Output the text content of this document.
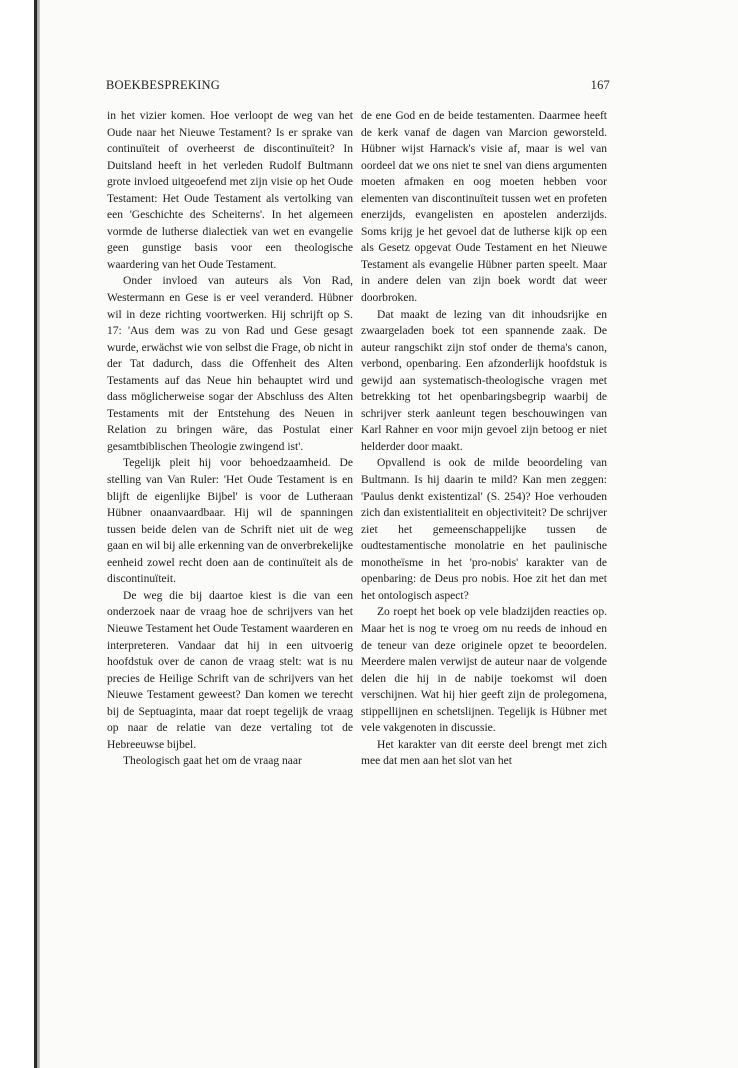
BOEKBESPREKING	167

in het vizier komen. Hoe verloopt de weg van het Oude naar het Nieuwe Testament? Is er sprake van continuïteit of overheerst de discontinuïteit? In Duitsland heeft in het verleden Rudolf Bultmann grote invloed uitgeoefend met zijn visie op het Oude Testament: Het Oude Testament als vertolking van een 'Geschichte des Scheiterns'. In het algemeen vormde de lutherse dialectiek van wet en evangelie geen gunstige basis voor een theologische waardering van het Oude Testament.

Onder invloed van auteurs als Von Rad, Westermann en Gese is er veel veranderd. Hübner wil in deze richting voortwerken. Hij schrijft op S. 17: 'Aus dem was zu von Rad und Gese gesagt wurde, erwächst wie von selbst die Frage, ob nicht in der Tat dadurch, dass die Offenheit des Alten Testaments auf das Neue hin behauptet wird und dass möglicherweise sogar der Abschluss des Alten Testaments mit der Entstehung des Neuen in Relation zu bringen wäre, das Postulat einer gesamtbiblischen Theologie zwingend ist'.

Tegelijk pleit hij voor behoedzaamheid. De stelling van Van Ruler: 'Het Oude Testament is en blijft de eigenlijke Bijbel' is voor de Lutheraan Hübner onaanvaardbaar. Hij wil de spanningen tussen beide delen van de Schrift niet uit de weg gaan en wil bij alle erkenning van de onverbrekelijke eenheid zowel recht doen aan de continuïteit als de discontinuïteit.

De weg die bij daartoe kiest is die van een onderzoek naar de vraag hoe de schrijvers van het Nieuwe Testament het Oude Testament waarderen en interpreteren. Vandaar dat hij in een uitvoerig hoofdstuk over de canon de vraag stelt: wat is nu precies de Heilige Schrift van de schrijvers van het Nieuwe Testament geweest? Dan komen we terecht bij de Septuaginta, maar dat roept tegelijk de vraag op naar de relatie van deze vertaling tot de Hebreeuwse bijbel.

Theologisch gaat het om de vraag naar

de ene God en de beide testamenten. Daarmee heeft de kerk vanaf de dagen van Marcion geworsteld. Hübner wijst Harnack's visie af, maar is wel van oordeel dat we ons niet te snel van diens argumenten moeten afmaken en oog moeten hebben voor elementen van discontinuïteit tussen wet en profeten enerzijds, evangelisten en apostelen anderzijds. Soms krijg je het gevoel dat de lutherse kijk op een als Gesetz opgevat Oude Testament en het Nieuwe Testament als evangelie Hübner parten speelt. Maar in andere delen van zijn boek wordt dat weer doorbroken.

Dat maakt de lezing van dit inhoudsrijke en zwaargeladen boek tot een spannende zaak. De auteur rangschikt zijn stof onder de thema's canon, verbond, openbaring. Een afzonderlijk hoofdstuk is gewijd aan systematisch-theologische vragen met betrekking tot het openbaringsbegrip waarbij de schrijver sterk aanleunt tegen beschouwingen van Karl Rahner en voor mijn gevoel zijn betoog er niet helderder door maakt.

Opvallend is ook de milde beoordeling van Bultmann. Is hij daarin te mild? Kan men zeggen: 'Paulus denkt existentizal' (S. 254)? Hoe verhouden zich dan existentialiteit en objectiviteit? De schrijver ziet het gemeenschappelijke tussen de oudtestamentische monolatrie en het paulinische monotheïsme in het 'pro-nobis' karakter van de openbaring: de Deus pro nobis. Hoe zit het dan met het ontologisch aspect?

Zo roept het boek op vele bladzijden reacties op. Maar het is nog te vroeg om nu reeds de inhoud en de teneur van deze originele opzet te beoordelen. Meerdere malen verwijst de auteur naar de volgende delen die hij in de nabije toekomst wil doen verschijnen. Wat hij hier geeft zijn de prolegomena, stippellijnen en schetslijnen. Tegelijk is Hübner met vele vakgenoten in discussie.

Het karakter van dit eerste deel brengt met zich mee dat men aan het slot van het
